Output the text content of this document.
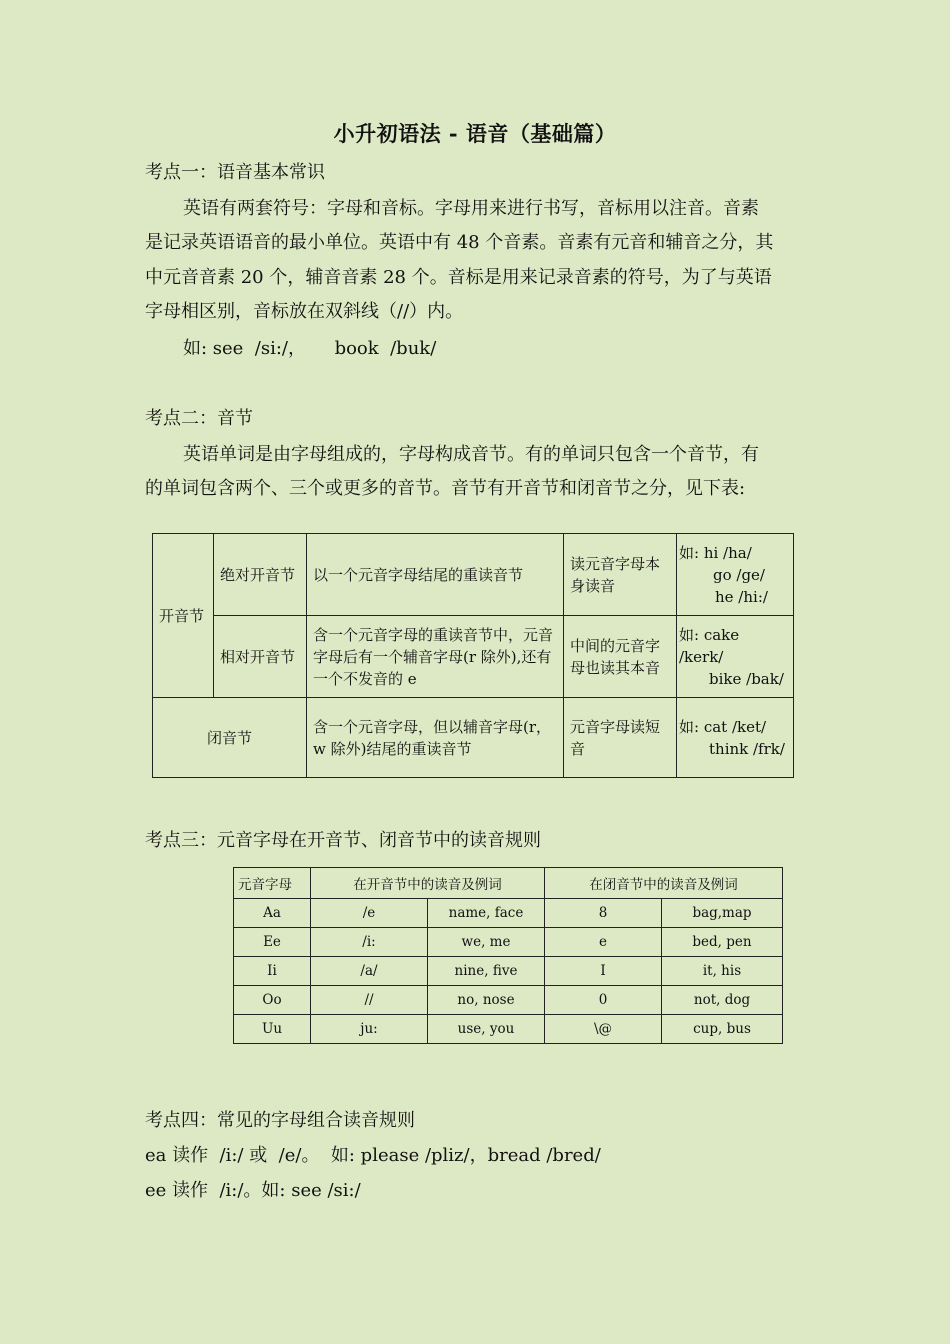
小升初语法 - 语音（基础篇）
考点一：语音基本常识
英语有两套符号：字母和音标。字母用来进行书写，音标用以注音。音素
是记录英语语音的最小单位。英语中有 48 个音素。音素有元音和辅音之分，其
中元音音素 20 个，辅音音素 28 个。音标是用来记录音素的符号，为了与英语
字母相区别，音标放在双斜线（//）内。
如: see  /si:/，     book  /buk/
考点二：音节
英语单词是由字母组成的，字母构成音节。有的单词只包含一个音节，有
的单词包含两个、三个或更多的音节。音节有开音节和闭音节之分，见下表:
开音节	绝对开音节	以一个元音字母结尾的重读音节	读元音字母本身读音	如: hi /ha/
go /ge/
he /hi:/

	相对开音节	含一个元音字母的重读音节中，元音字母后有一个辅音字母(r 除外),还有一个不发音的 e	中间的元音字母也读其本音	如: cake /kerk/
bike /bak/

闭音节		含一个元音字母，但以辅音字母(r，w 除外)结尾的重读音节	元音字母读短音	如: cat /ket/
think /frk/
考点三：元音字母在开音节、闭音节中的读音规则
元音字母	在开音节中的读音及例词		在闭音节中的读音及例词	
Aa	/e	name, face	8	bag,map
Ee	/i:	we, me	e	bed, pen
Ii	/a/	nine, five	I	it, his
Oo	//	no, nose	0	not, dog
Uu	ju:	use, you	\@	cup, bus
考点四：常见的字母组合读音规则
ea 读作  /i:/ 或  /e/。  如: please /pliz/，bread /bred/
ee 读作  /i:/。如: see /si:/
